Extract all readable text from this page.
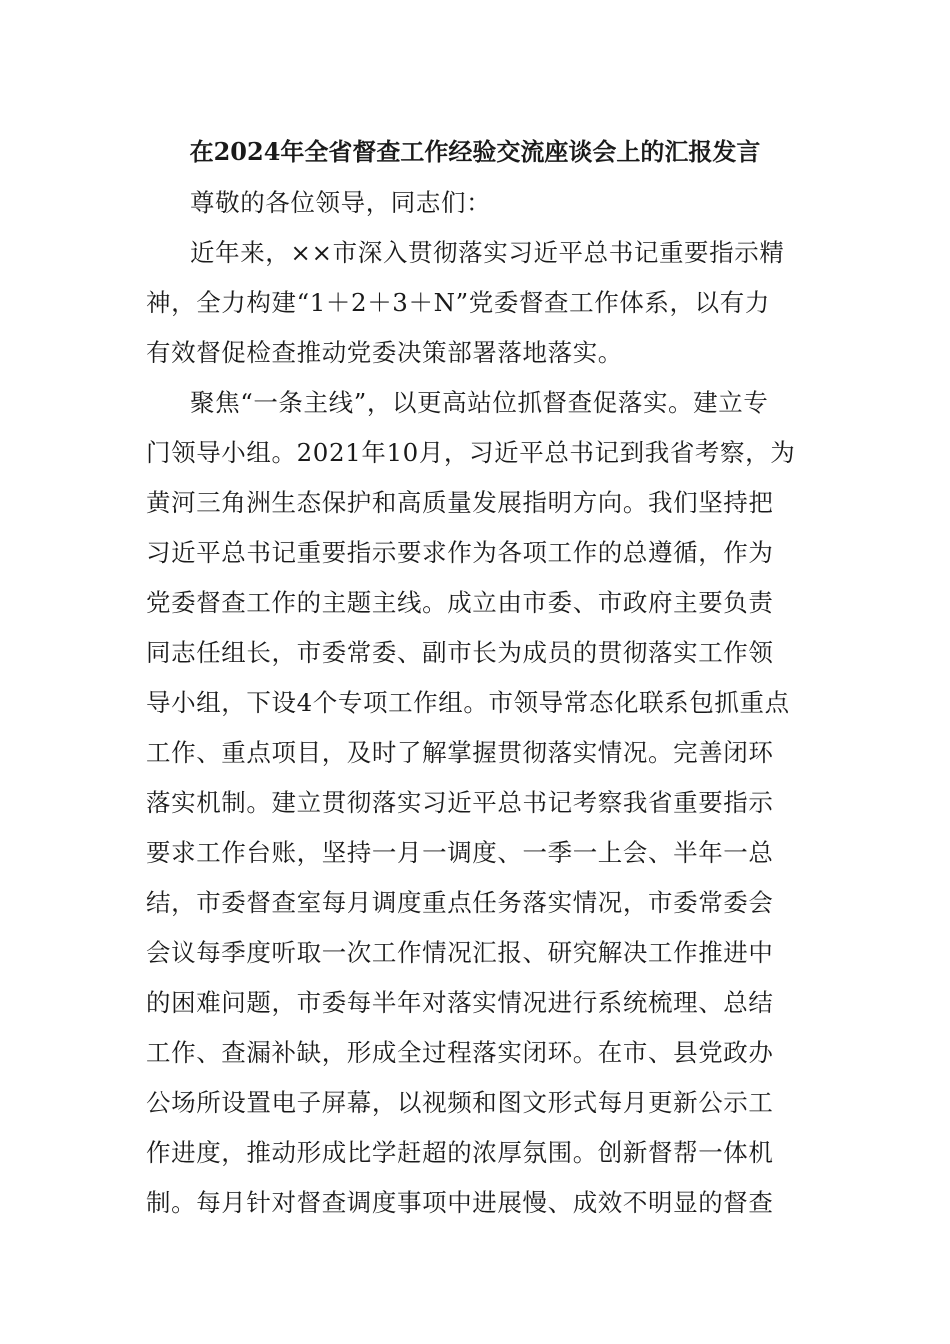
在2024年全省督查工作经验交流座谈会上的汇报发言
尊敬的各位领导，同志们：
近年来，××市深入贯彻落实习近平总书记重要指示精
神，全力构建“1＋2＋3＋N”党委督查工作体系，以有力
有效督促检查推动党委决策部署落地落实。
聚焦“一条主线”，以更高站位抓督查促落实。建立专
门领导小组。2021年10月，习近平总书记到我省考察，为
黄河三角洲生态保护和高质量发展指明方向。我们坚持把
习近平总书记重要指示要求作为各项工作的总遵循，作为
党委督查工作的主题主线。成立由市委、市政府主要负责
同志任组长，市委常委、副市长为成员的贯彻落实工作领
导小组，下设4个专项工作组。市领导常态化联系包抓重点
工作、重点项目，及时了解掌握贯彻落实情况。完善闭环
落实机制。建立贯彻落实习近平总书记考察我省重要指示
要求工作台账，坚持一月一调度、一季一上会、半年一总
结，市委督查室每月调度重点任务落实情况，市委常委会
会议每季度听取一次工作情况汇报、研究解决工作推进中
的困难问题，市委每半年对落实情况进行系统梳理、总结
工作、查漏补缺，形成全过程落实闭环。在市、县党政办
公场所设置电子屏幕，以视频和图文形式每月更新公示工
作进度，推动形成比学赶超的浓厚氛围。创新督帮一体机
制。每月针对督查调度事项中进展慢、成效不明显的督查
